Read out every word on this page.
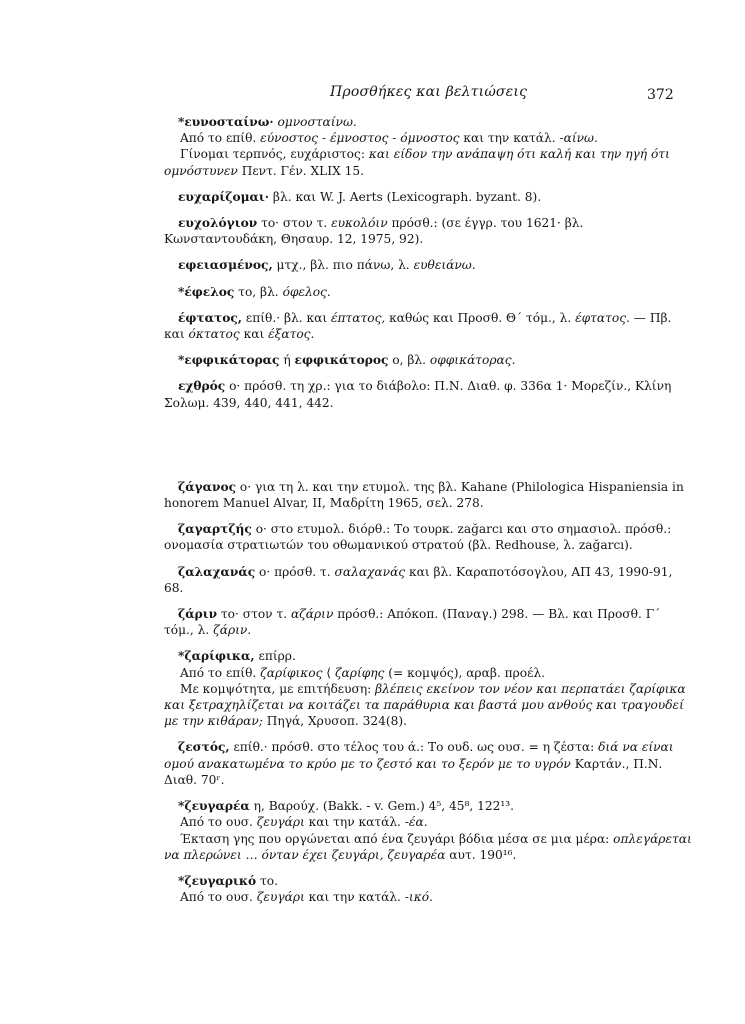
Προσθήκες και βελτιώσεις	372

*ευνοσταίνω· ομνοσταίνω.

Από το επίθ. εύνοστος - έμνοστος - όμνοστος και την κατάλ. -αίνω.

Γίνομαι τερπνός, ευχάριστος: και είδον την ανάπαψη ότι καλή και την ηγή ότι ομνόστυνεν Πεντ. Γέν. XLIX 15.

ευχαρίζομαι· βλ. και W. J. Aerts (Lexicograph. byzant. 8).

ευχολόγιον το· στον τ. ευκολόιν πρόσθ.: (σε έγγρ. του 1621· βλ. Κωνσταντουδάκη, Θησαυρ. 12, 1975, 92).

εφειασμένος, μτχ., βλ. πιο πάνω, λ. ευθειάνω.

*έφελος το, βλ. όφελος.

έφτατος, επίθ.· βλ. και έπτατος, καθώς και Προσθ. Θ΄ τόμ., λ. έφτατος. — Πβ. και όκτατος και έξατος.

*εφφικάτορας ή εφφικάτορος ο, βλ. οφφικάτορας.

εχθρός ο· πρόσθ. τη χρ.: για το διάβολο: Π.Ν. Διαθ. φ. 336α 1· Μορεζίν., Κλίνη Σολωμ. 439, 440, 441, 442.

ζάγανος ο· για τη λ. και την ετυμολ. της βλ. Kahane (Philologica Hispaniensia in honorem Manuel Alvar, II, Μαδρίτη 1965, σελ. 278.

ζαγαρτζής ο· στο ετυμολ. διόρθ.: Το τουρκ. zağarcı και στο σημασιολ. πρόσθ.: ονομασία στρατιωτών του οθωμανικού στρατού (βλ. Redhouse, λ. zağarcı).

ζαλαχανάς ο· πρόσθ. τ. σαλαχανάς και βλ. Καραποτόσογλου, ΑΠ 43, 1990-91, 68.

ζάριν το· στον τ. αζάριν πρόσθ.: Απόκοπ. (Παναγ.) 298. — Βλ. και Προσθ. Γ΄ τόμ., λ. ζάριν.

*ζαρίφικα, επίρρ.

Από το επίθ. ζαρίφικος ⟨ ζαρίφης (= κομψός), αραβ. προέλ.

Με κομψότητα, με επιτήδευση: βλέπεις εκείνον τον νέον και περπατάει ζαρίφικα και ξετραχηλίζεται να κοιτάζει τα παράθυρια και βαστά μου ανθούς και τραγουδεί με την κιθάραν; Πηγά, Χρυσοπ. 324(8).

ζεστός, επίθ.· πρόσθ. στο τέλος του ά.: Το ουδ. ως ουσ. = η ζέστα: διά να είναι ομού ανακατωμένα το κρύο με το ζεστό και το ξερόν με το υγρόν Καρτάν., Π.Ν. Διαθ. 70ʳ.

*ζευγαρέα η, Βαρούχ. (Bakk. - v. Gem.) 4⁵, 45⁸, 122¹³.

Από το ουσ. ζευγάρι και την κατάλ. -έα.

Έκταση γης που οργώνεται από ένα ζευγάρι βόδια μέσα σε μια μέρα: οπλεγάρεται να πλερώνει … όνταν έχει ζευγάρι, ζευγαρέα αυτ. 190¹⁶.

*ζευγαρικό το.

Από το ουσ. ζευγάρι και την κατάλ. -ικό.
